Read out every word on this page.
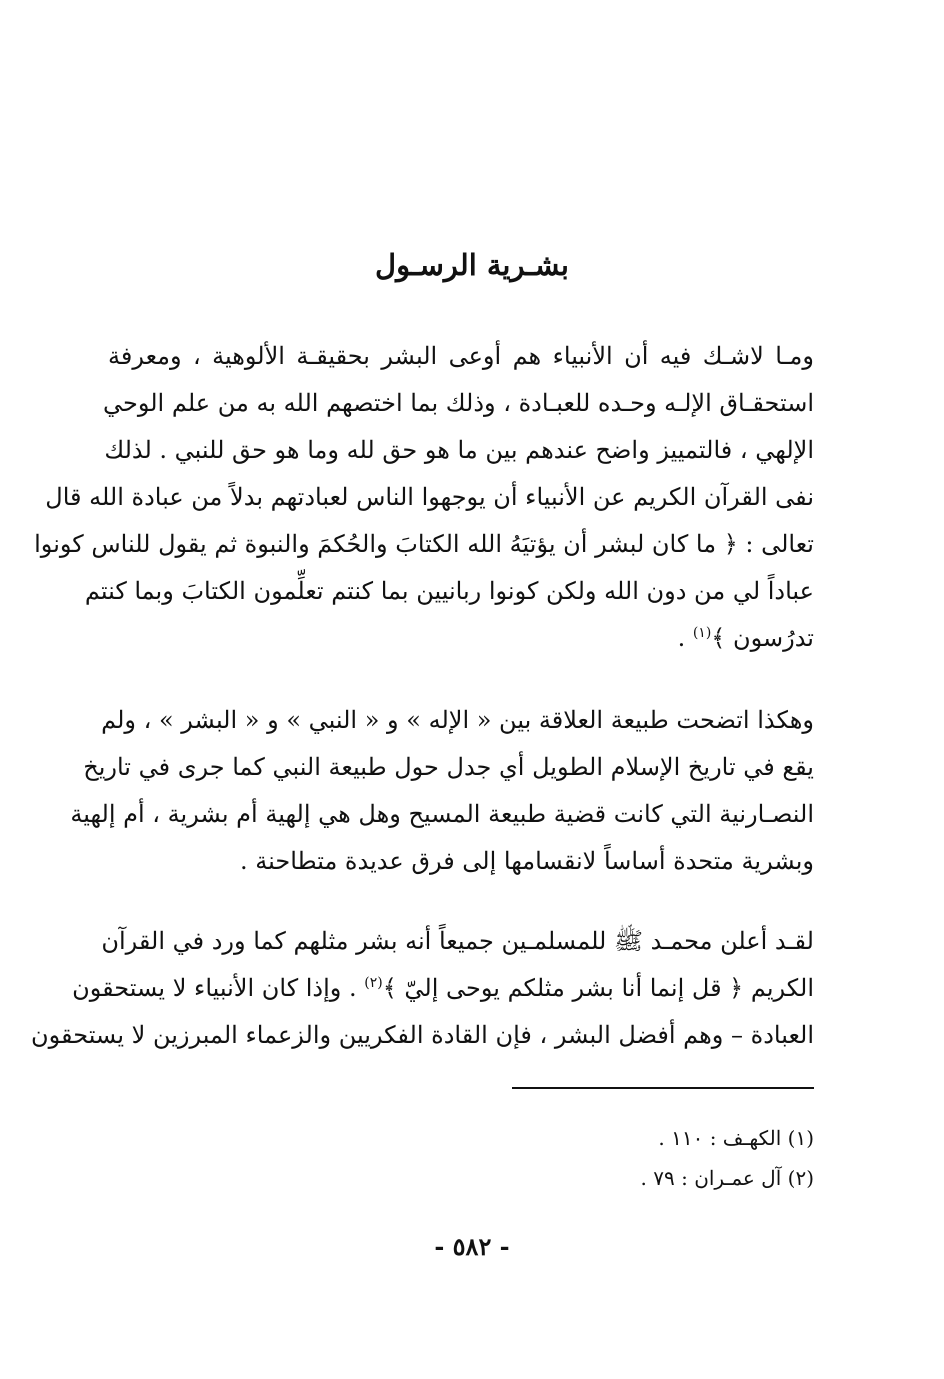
بشـرية الرسـول
ومـا لاشـك فيه أن الأنبياء هم أوعى البشر بحقيقـة الألوهية ، ومعرفة
استحقـاق الإلـه وحـده للعبـادة ، وذلك بما اختصهم الله به من علم الوحي
الإلهي ، فالتمييز واضح عندهم بين ما هو حق لله وما هو حق للنبي . لذلك
نفى القرآن الكريم عن الأنبياء أن يوجهوا الناس لعبادتهم بدلاً من عبادة الله قال
تعالى : ﴿ ما كان لبشر أن يؤتيَهُ الله الكتابَ والحُكمَ والنبوة ثم يقول للناس كونوا
عباداً لي من دون الله ولكن كونوا ربانيين بما كنتم تعلِّمون الكتابَ وبما كنتم
تدرُسون ﴾$^{(١)}$ .
وهكذا اتضحت طبيعة العلاقة بين « الإله » و « النبي » و « البشر » ، ولم
يقع في تاريخ الإسلام الطويل أي جدل حول طبيعة النبي كما جرى في تاريخ
النصـارنية التي كانت قضية طبيعة المسيح وهل هي إلهية أم بشرية ، أم إلهية
وبشرية متحدة أساساً لانقسامها إلى فرق عديدة متطاحنة .
لقـد أعلن محمـد ﷺ للمسلمـين جميعاً أنه بشر مثلهم كما ورد في القرآن
الكريم ﴿ قل إنما أنا بشر مثلكم يوحى إليّ ﴾$^{(٢)}$ . وإذا كان الأنبياء لا يستحقون
العبادة – وهم أفضل البشر ، فإن القادة الفكريين والزعماء المبرزين لا يستحقون
(١) الكهـف : ١١٠ .
(٢) آل عمـران : ٧٩ .
- ٥٨٢ -
